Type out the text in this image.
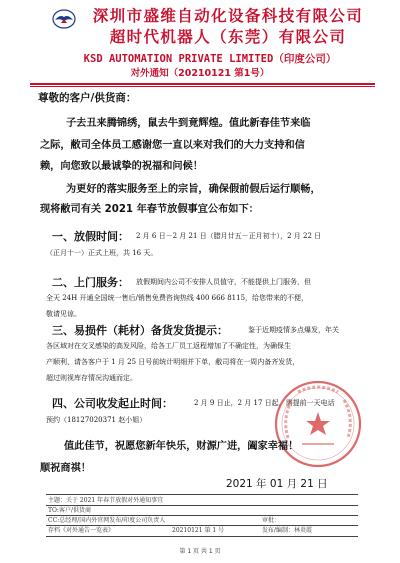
深圳市盛维自动化设备科技有限公司
超时代机器人（东莞）有限公司
KSD AUTOMATION PRIVATE LIMITED（印度公司）
对外通知（20210121 第1号）
尊敬的客户/供货商：
子去丑来腾锦绣，鼠去牛到竟辉煌。值此新春佳节来临
之际，敝司全体员工感谢您一直以来对我们的大力支持和信
赖，向您致以最诚挚的祝福和问候！
为更好的落实服务至上的宗旨，确保假前假后运行顺畅，
现将敝司有关 2021 年春节放假事宜公布如下：
一、放假时间： 2 月 6 日－2 月 21 日（腊月廿五－正月初十），2 月 22 日
（正月十一）正式上班，共 16 天。
二、上门服务： 放假期间内公司不安排人员值守，不能提供上门服务，但
全天 24H 开通全国统一售后/销售免费咨询热线 400 666 8115，给您带来的不便，
敬请见谅。
三、易损件（耗材）备货发货提示：	鉴于近期疫情多点爆发，年关
各区域对在交叉感染的高发风险，给各工厂员工返程增加了不确定性，为确保生
产顺利，请各客户于 1 月 25 日号前统计明细并下单，敝司将在一周内备齐发货，
超过则视库存情况沟通而定。
四、公司收发起止时间：	2 月 9 日止，2 月 17 日起，需提前一天电话
预约（18127020371 赵小姐）
值此佳节，祝愿您新年快乐，财源广进，阖家幸福！
顺祝商祺！
2021 年 01 月 21 日
主题：关于 2021 年春节放假对外通知事宜
TO:客户/供货商
CC:总经理/国内外官网发布/印度公司负责人	审批：
存档《对外通告一览表》	20210121 第 1 号	发布/编制：林炎霞
第 1 页 共 1 页
